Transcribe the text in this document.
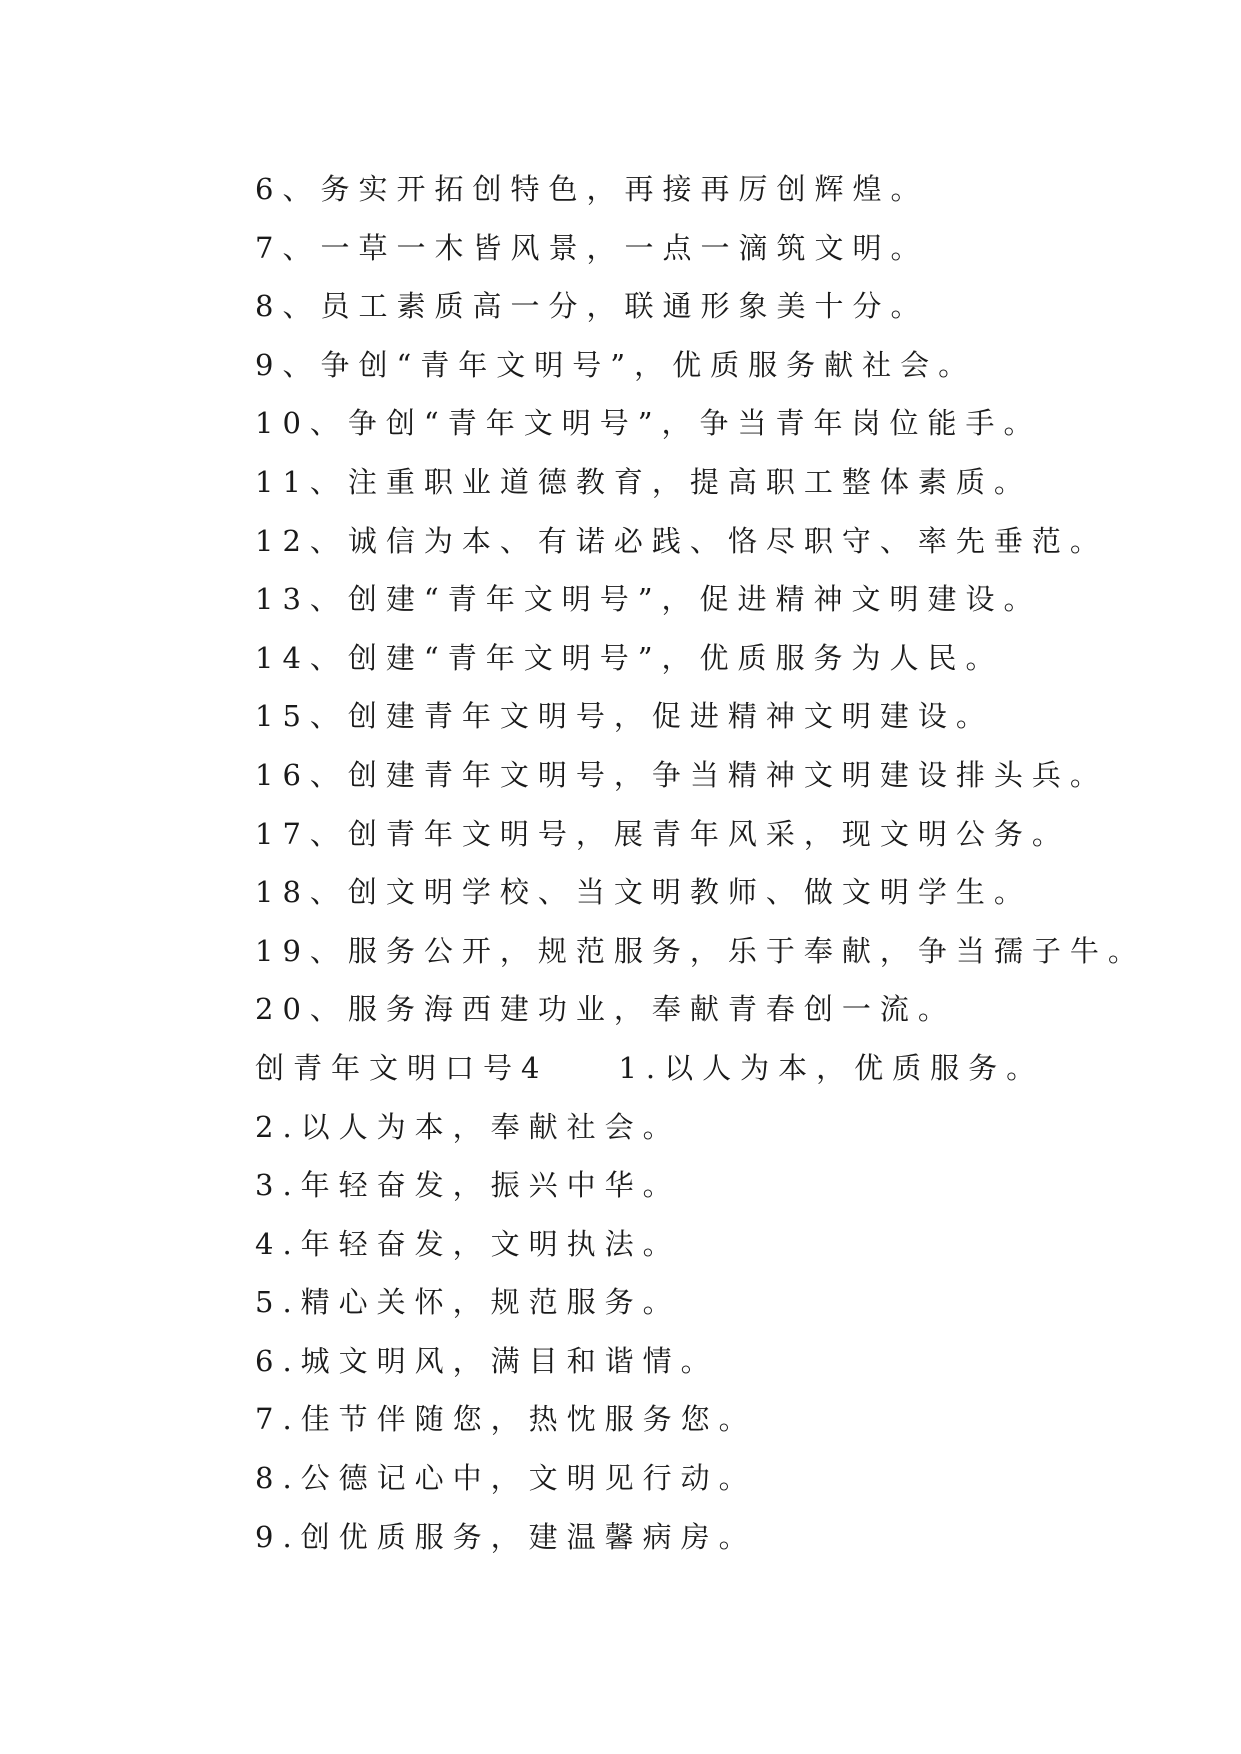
6、务实开拓创特色，再接再厉创辉煌。
7、一草一木皆风景，一点一滴筑文明。
8、员工素质高一分，联通形象美十分。
9、争创“青年文明号”，优质服务献社会。
10、争创“青年文明号”，争当青年岗位能手。
11、注重职业道德教育，提高职工整体素质。
12、诚信为本、有诺必践、恪尽职守、率先垂范。
13、创建“青年文明号”，促进精神文明建设。
14、创建“青年文明号”，优质服务为人民。
15、创建青年文明号，促进精神文明建设。
16、创建青年文明号，争当精神文明建设排头兵。
17、创青年文明号，展青年风采，现文明公务。
18、创文明学校、当文明教师、做文明学生。
19、服务公开，规范服务，乐于奉献，争当孺子牛。
20、服务海西建功业，奉献青春创一流。
创青年文明口号4 1.以人为本，优质服务。
2.以人为本，奉献社会。
3.年轻奋发，振兴中华。
4.年轻奋发，文明执法。
5.精心关怀，规范服务。
6.城文明风，满目和谐情。
7.佳节伴随您，热忱服务您。
8.公德记心中，文明见行动。
9.创优质服务，建温馨病房。
